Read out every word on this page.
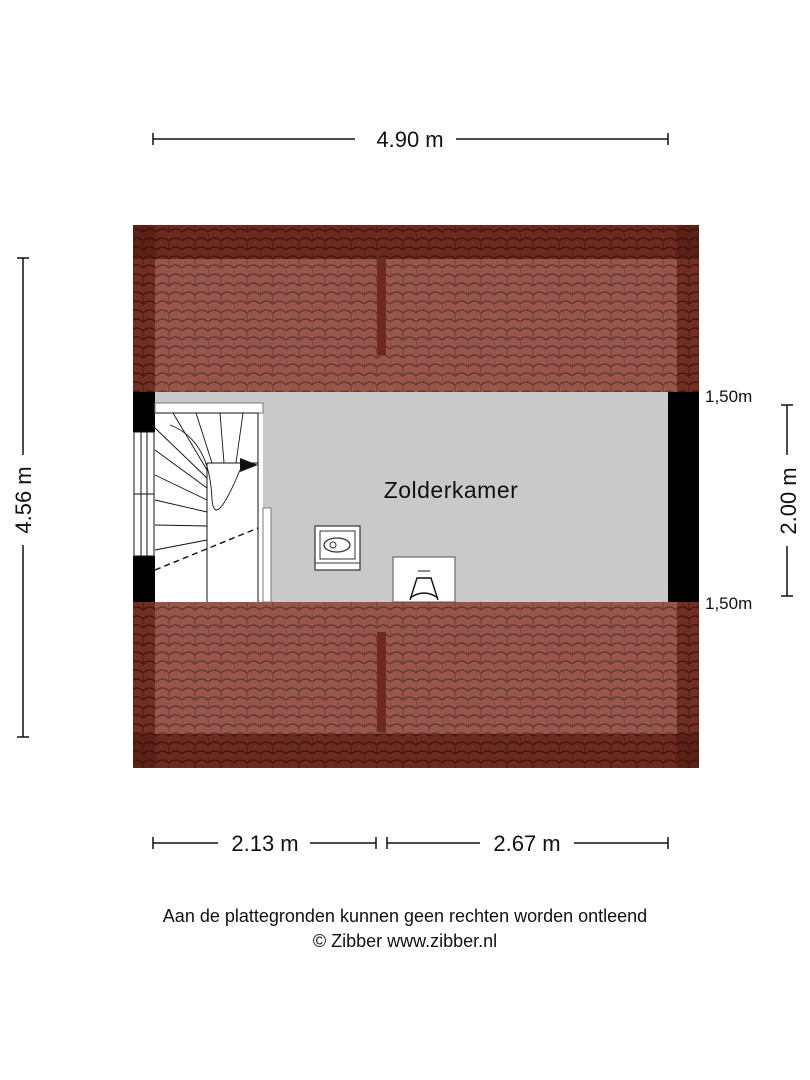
4.90 m
4.56 m	Zolderkamer
1,50m
1,50m
2.00 m
2.13 m	2.67 m
Aan de plattegronden kunnen geen rechten worden ontleend
© Zibber www.zibber.nl
